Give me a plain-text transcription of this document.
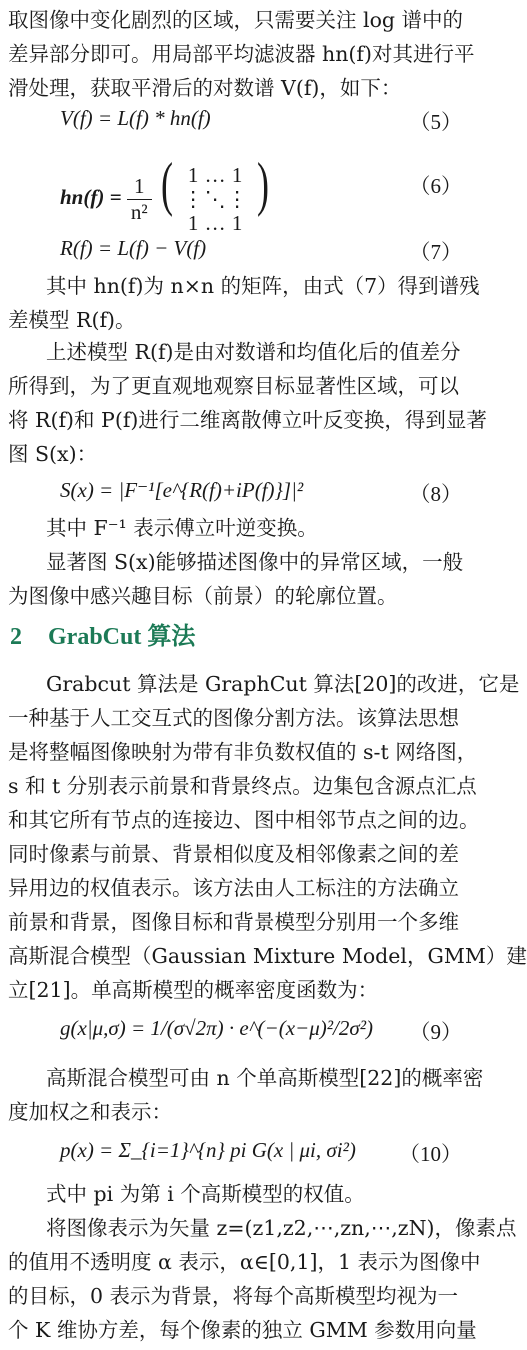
取图像中变化剧烈的区域，只需要关注 log 谱中的
差异部分即可。用局部平均滤波器 hn(f)对其进行平
滑处理，获取平滑后的对数谱 V(f)，如下：
V(f) = L(f) * hn(f)	（5）
$hn(f) = \frac{1}{\text{n²}}$ ( 1 … 1
⋮ ⋱ ⋮
1 … 1
)	（6）
R(f) = L(f) − V(f)	（7）
其中 hn(f)为 n×n 的矩阵，由式（7）得到谱残
差模型 R(f)。
上述模型 R(f)是由对数谱和均值化后的值差分
所得到，为了更直观地观察目标显著性区域，可以
将 R(f)和 P(f)进行二维离散傅立叶反变换，得到显著
图 S(x)：
S(x) = |F⁻¹[e^{R(f)+iP(f)}]|²	（8）
其中 F⁻¹ 表示傅立叶逆变换。
显著图 S(x)能够描述图像中的异常区域，一般
为图像中感兴趣目标（前景）的轮廓位置。
2 GrabCut 算法
Grabcut 算法是 GraphCut 算法[20]的改进，它是
一种基于人工交互式的图像分割方法。该算法思想
是将整幅图像映射为带有非负数权值的 s-t 网络图，
s 和 t 分别表示前景和背景终点。边集包含源点汇点
和其它所有节点的连接边、图中相邻节点之间的边。
同时像素与前景、背景相似度及相邻像素之间的差
异用边的权值表示。该方法由人工标注的方法确立
前景和背景，图像目标和背景模型分别用一个多维
高斯混合模型（Gaussian Mixture Model，GMM）建
立[21]。单高斯模型的概率密度函数为：
g(x|μ,σ) = 1/(σ√2π) · e^(−(x−μ)²/2σ²) （9）
高斯混合模型可由 n 个单高斯模型[22]的概率密
度加权之和表示：
p(x) = Σ_{i=1}^{n} pi G(x | μi, σi²) （10）
式中 pi 为第 i 个高斯模型的权值。
将图像表示为矢量 z=(z1,z2,⋯,zn,⋯,zN)，像素点
的值用不透明度 α 表示，α∈[0,1]，1 表示为图像中
的目标，0 表示为背景，将每个高斯模型均视为一
个 K 维协方差，每个像素的独立 GMM 参数用向量
